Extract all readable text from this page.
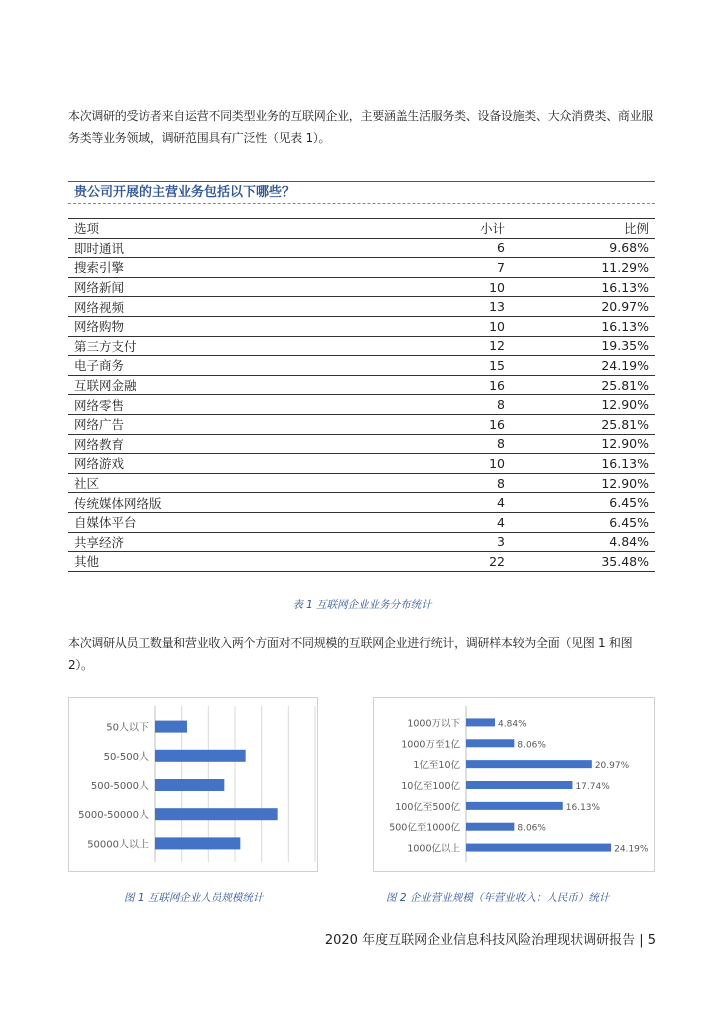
本次调研的受访者来自运营不同类型业务的互联网企业，主要涵盖生活服务类、设备设施类、大众消费类、商业服务类等业务领域，调研范围具有广泛性（见表 1）。

贵公司开展的主营业务包括以下哪些？
选项	小计	比例
即时通讯	6	9.68%
搜索引擎	7	11.29%
网络新闻	10	16.13%
网络视频	13	20.97%
网络购物	10	16.13%
第三方支付	12	19.35%
电子商务	15	24.19%
互联网金融	16	25.81%
网络零售	8	12.90%
网络广告	16	25.81%
网络教育	8	12.90%
网络游戏	10	16.13%
社区	8	12.90%
传统媒体网络版	4	6.45%
自媒体平台	4	6.45%
共享经济	3	4.84%
其他	22	35.48%
表 1 互联网企业业务分布统计

本次调研从员工数量和营业收入两个方面对不同规模的互联网企业进行统计，调研样本较为全面（见图 1 和图 2）。

50人以下
50-500人
500-5000人
5000-50000人
50000人以上
1000万以下	4.84%
1000万至1亿	8.06%
1亿至10亿	20.97%
10亿至100亿	17.74%
100亿至500亿	16.13%
500亿至1000亿	8.06%
1000亿以上	24.19%
图 1 互联网企业人员规模统计	图 2 企业营业规模（年营业收入：人民币）统计
2020 年度互联网企业信息科技风险治理现状调研报告 | 5
